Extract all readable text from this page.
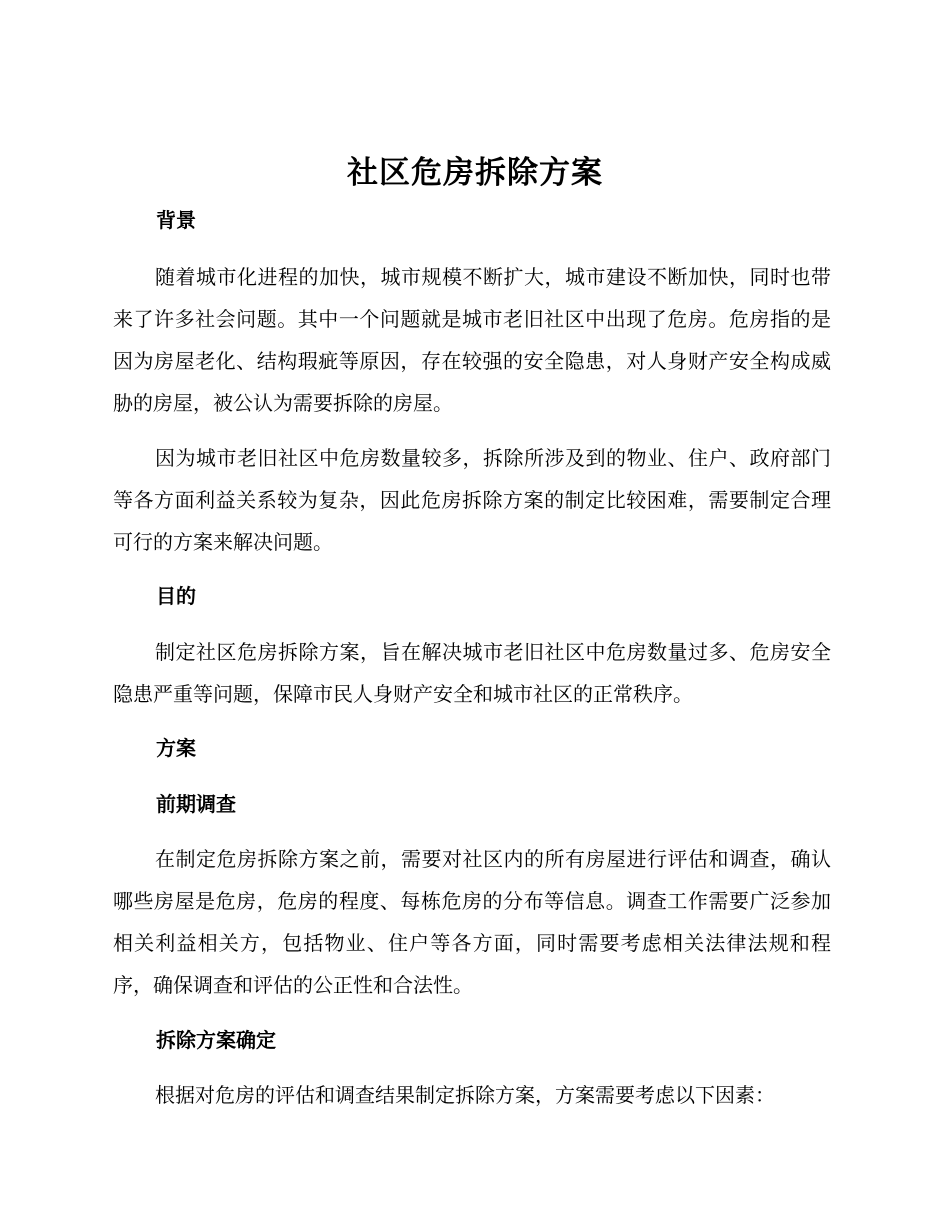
社区危房拆除方案
背景

随着城市化进程的加快，城市规模不断扩大，城市建设不断加快，同时也带来了许多社会问题。其中一个问题就是城市老旧社区中出现了危房。危房指的是因为房屋老化、结构瑕疵等原因，存在较强的安全隐患，对人身财产安全构成威胁的房屋，被公认为需要拆除的房屋。

因为城市老旧社区中危房数量较多，拆除所涉及到的物业、住户、政府部门等各方面利益关系较为复杂，因此危房拆除方案的制定比较困难，需要制定合理可行的方案来解决问题。

目的

制定社区危房拆除方案，旨在解决城市老旧社区中危房数量过多、危房安全隐患严重等问题，保障市民人身财产安全和城市社区的正常秩序。

方案
前期调查

在制定危房拆除方案之前，需要对社区内的所有房屋进行评估和调查，确认哪些房屋是危房，危房的程度、每栋危房的分布等信息。调查工作需要广泛参加相关利益相关方，包括物业、住户等各方面，同时需要考虑相关法律法规和程序，确保调查和评估的公正性和合法性。

拆除方案确定

根据对危房的评估和调查结果制定拆除方案，方案需要考虑以下因素：
